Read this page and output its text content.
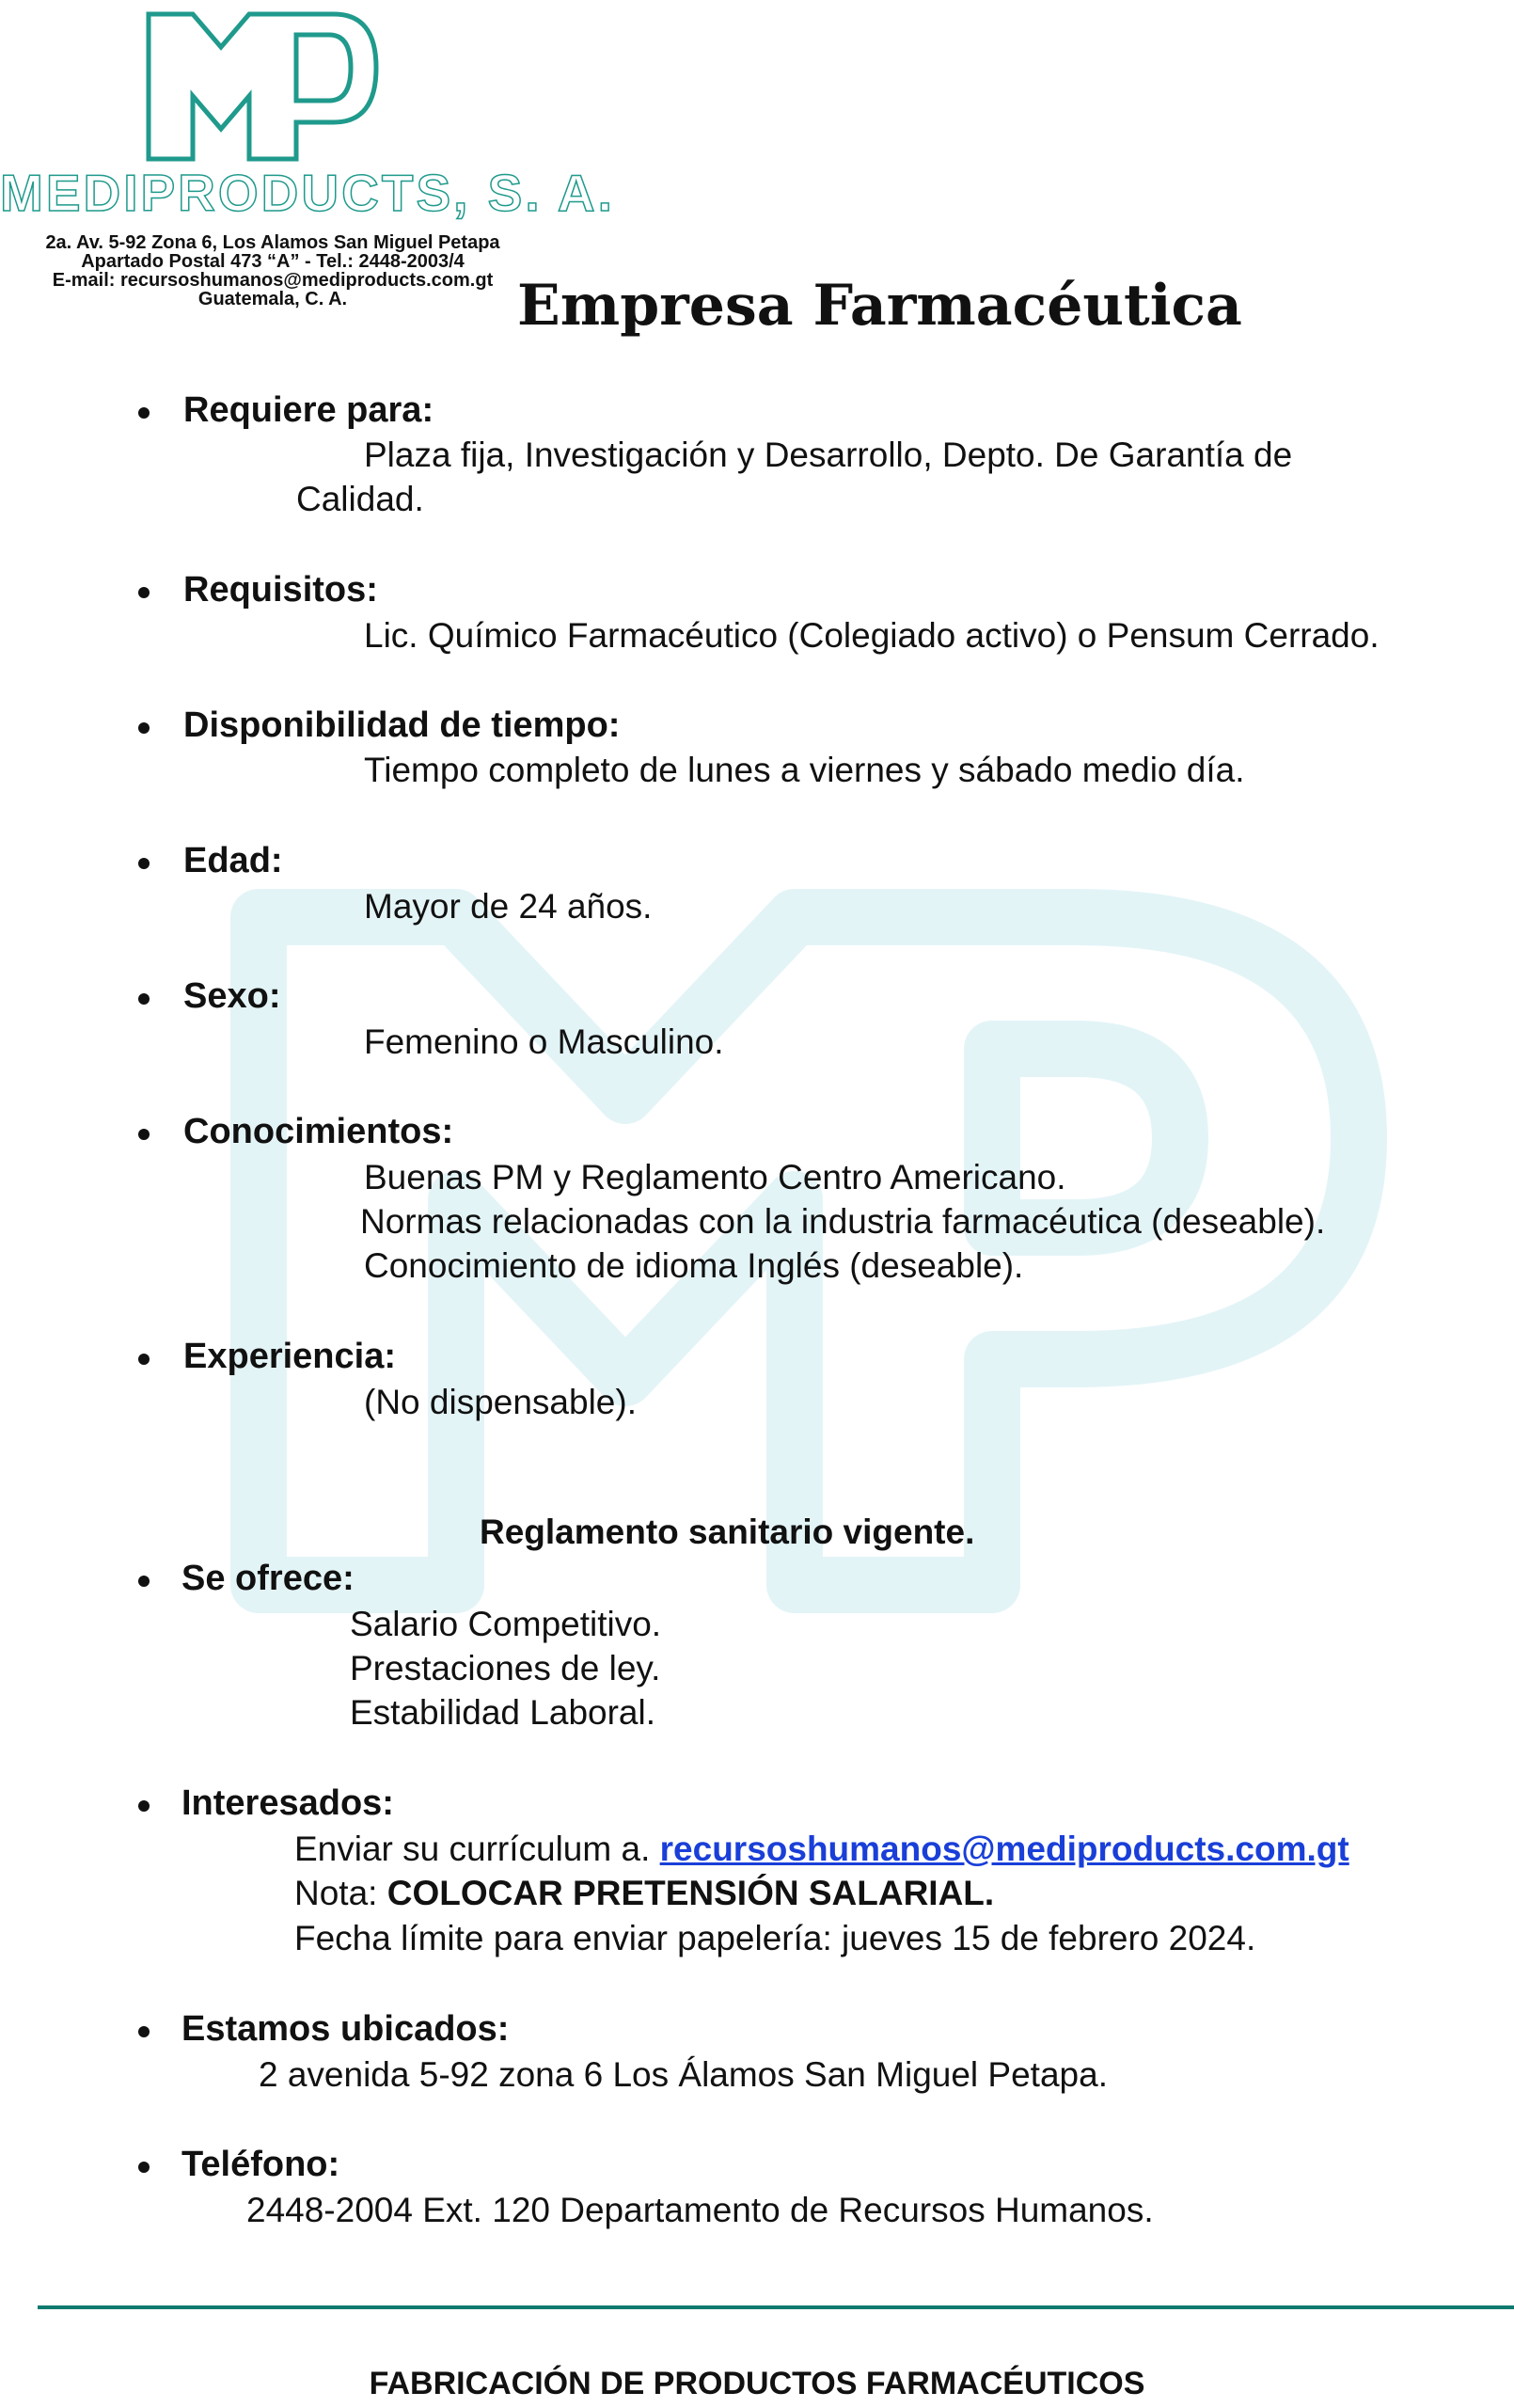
MEDIPRODUCTS, S. A.
2a. Av. 5-92 Zona 6, Los Alamos San Miguel Petapa
Apartado Postal 473 “A” - Tel.: 2448-2003/4
E-mail: recursoshumanos@mediproducts.com.gt
Guatemala, C. A.	Empresa Farmacéutica
Requiere para:
Plaza fija, Investigación y Desarrollo, Depto. De Garantía de
Calidad.
Requisitos:
Lic. Químico Farmacéutico (Colegiado activo) o Pensum Cerrado.
Disponibilidad de tiempo:
Tiempo completo de lunes a viernes y sábado medio día.
Edad:
Mayor de 24 años.
Sexo:
Femenino o Masculino.
Conocimientos:
Buenas PM y Reglamento Centro Americano.
Normas relacionadas con la industria farmacéutica (deseable).
Conocimiento de idioma Inglés (deseable).
Experiencia:
(No dispensable).
Reglamento sanitario vigente.
Se ofrece:
Salario Competitivo.
Prestaciones de ley.
Estabilidad Laboral.
Interesados:
Enviar su currículum a. recursoshumanos@mediproducts.com.gt
Nota: COLOCAR PRETENSIÓN SALARIAL.
Fecha límite para enviar papelería: jueves 15 de febrero 2024.
Estamos ubicados:
2 avenida 5-92 zona 6 Los Álamos San Miguel Petapa.
Teléfono:
2448-2004 Ext. 120 Departamento de Recursos Humanos.
FABRICACIÓN DE PRODUCTOS FARMACÉUTICOS
